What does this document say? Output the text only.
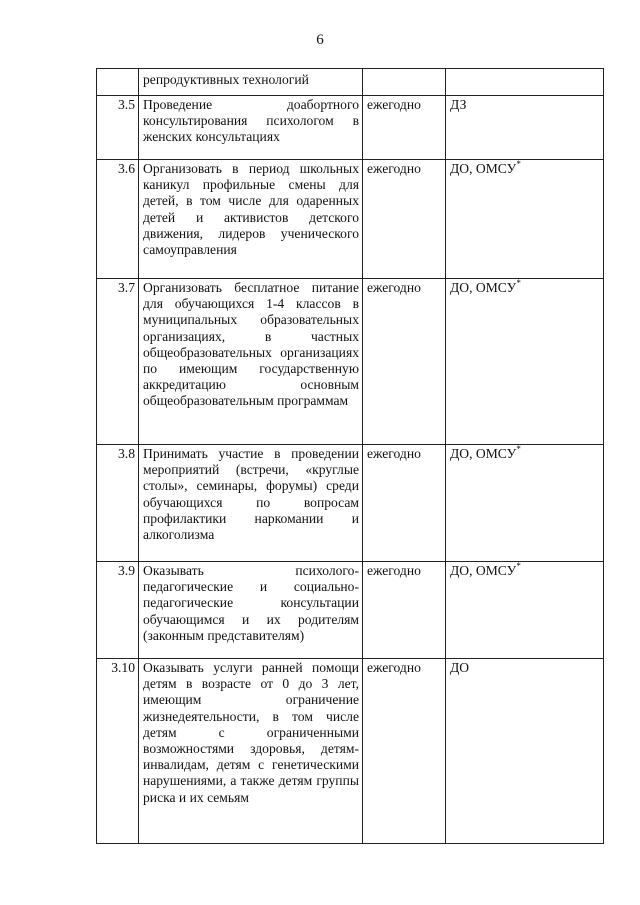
6
	репродуктивных технологий		
3.5	Проведение доабортного консультирования психологом в женских консультациях	ежегодно	ДЗ
3.6	Организовать в период школьных каникул профильные смены для детей, в том числе для одаренных детей и активистов детского движения, лидеров ученического самоуправления	ежегодно	ДО, ОМСУ*
3.7	Организовать бесплатное питание для обучающихся 1-4 классов в муниципальных образовательных организациях, в частных общеобразовательных организациях по имеющим государственную аккредитацию основным общеобразовательным программам	ежегодно	ДО, ОМСУ*
3.8	Принимать участие в проведении мероприятий (встречи, «круглые столы», семинары, форумы) среди обучающихся по вопросам профилактики наркомании и алкоголизма	ежегодно	ДО, ОМСУ*
3.9	Оказывать психолого-педагогические и социально-педагогические консультации обучающимся и их родителям (законным представителям)	ежегодно	ДО, ОМСУ*
3.10	Оказывать услуги ранней помощи детям в возрасте от 0 до 3 лет, имеющим ограничение жизнедеятельности, в том числе детям с ограниченными возможностями здоровья, детям-инвалидам, детям с генетическими нарушениями, а также детям группы риска и их семьям	ежегодно	ДО
